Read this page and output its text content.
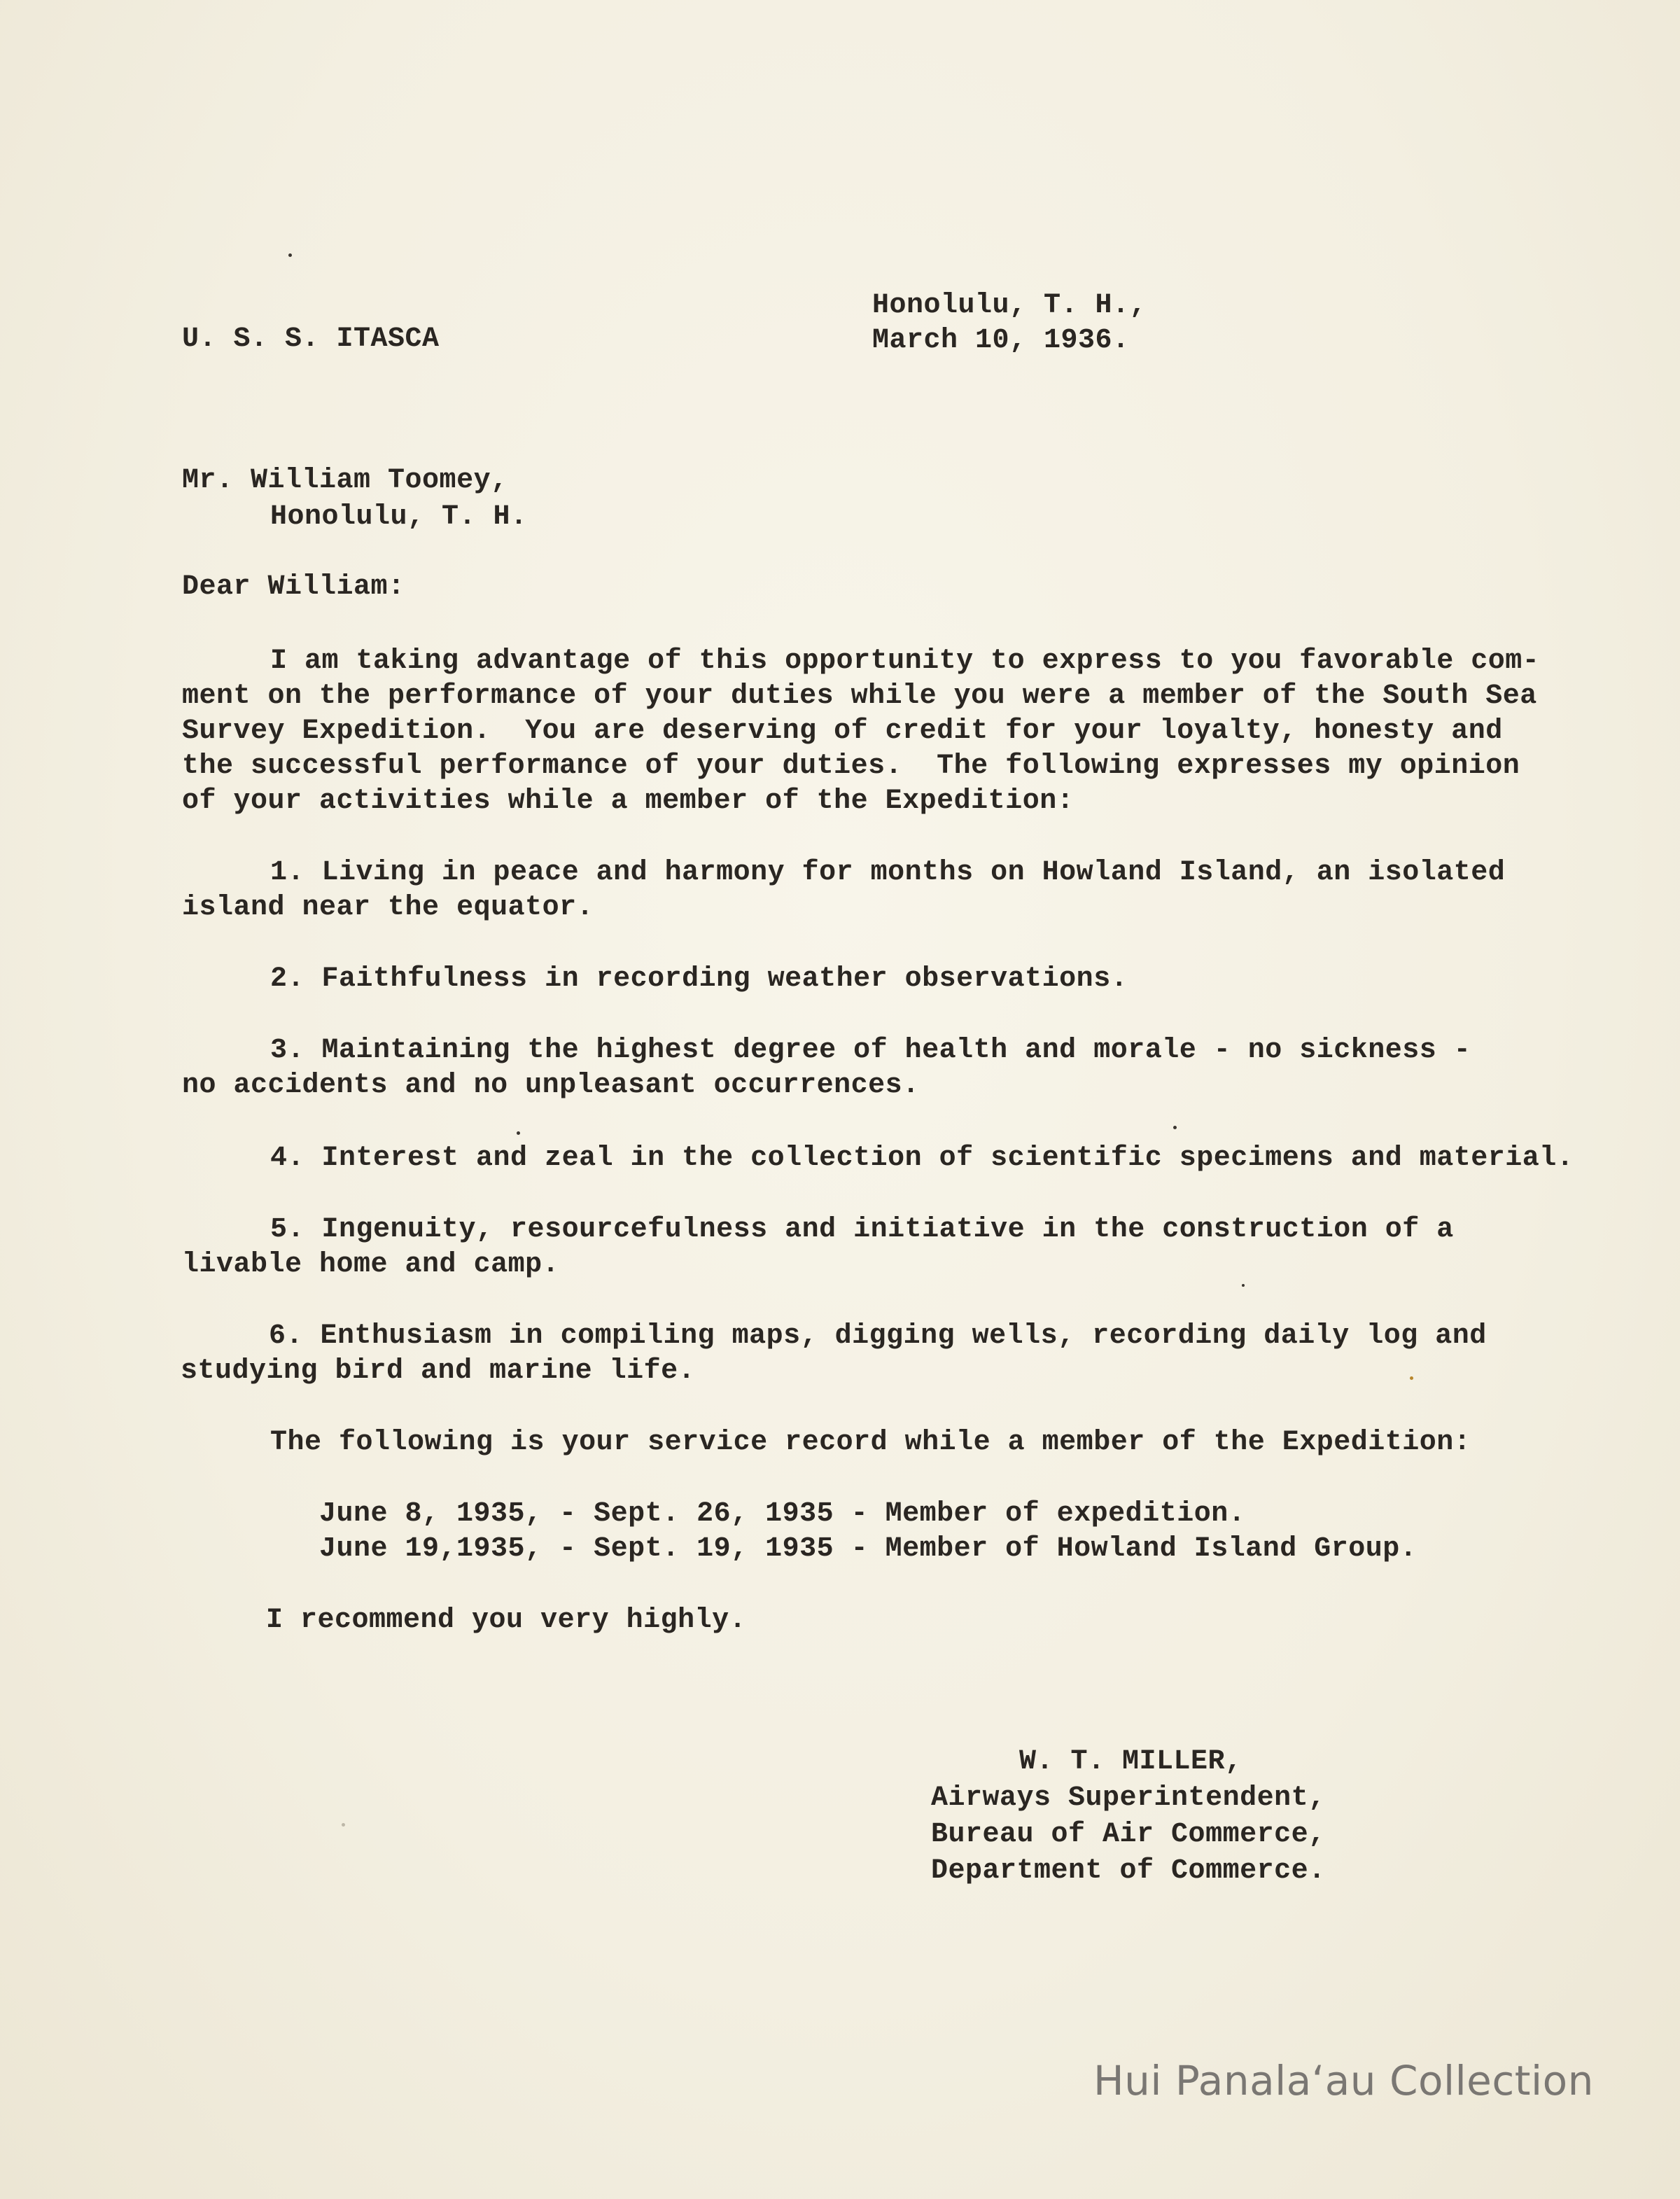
Honolulu, T. H.,

U. S. S. ITASCA	March 10, 1936.

Mr. William Toomey,

Honolulu, T. H.

Dear William:

I am taking advantage of this opportunity to express to you favorable com-
ment on the performance of your duties while you were a member of the South Sea
Survey Expedition.  You are deserving of credit for your loyalty, honesty and
the successful performance of your duties.  The following expresses my opinion
of your activities while a member of the Expedition:
1. Living in peace and harmony for months on Howland Island, an isolated
island near the equator.
2. Faithfulness in recording weather observations.
3. Maintaining the highest degree of health and morale - no sickness -
no accidents and no unpleasant occurrences.
4. Interest and zeal in the collection of scientific specimens and material.
5. Ingenuity, resourcefulness and initiative in the construction of a
livable home and camp.
6. Enthusiasm in compiling maps, digging wells, recording daily log and
studying bird and marine life.

The following is your service record while a member of the Expedition:

June 8, 1935, - Sept. 26, 1935 - Member of expedition.
June 19,1935, - Sept. 19, 1935 - Member of Howland Island Group.

I recommend you very highly.

W. T. MILLER,

Airways Superintendent,

Bureau of Air Commerce,

Department of Commerce.

Hui Panala‘au Collection
